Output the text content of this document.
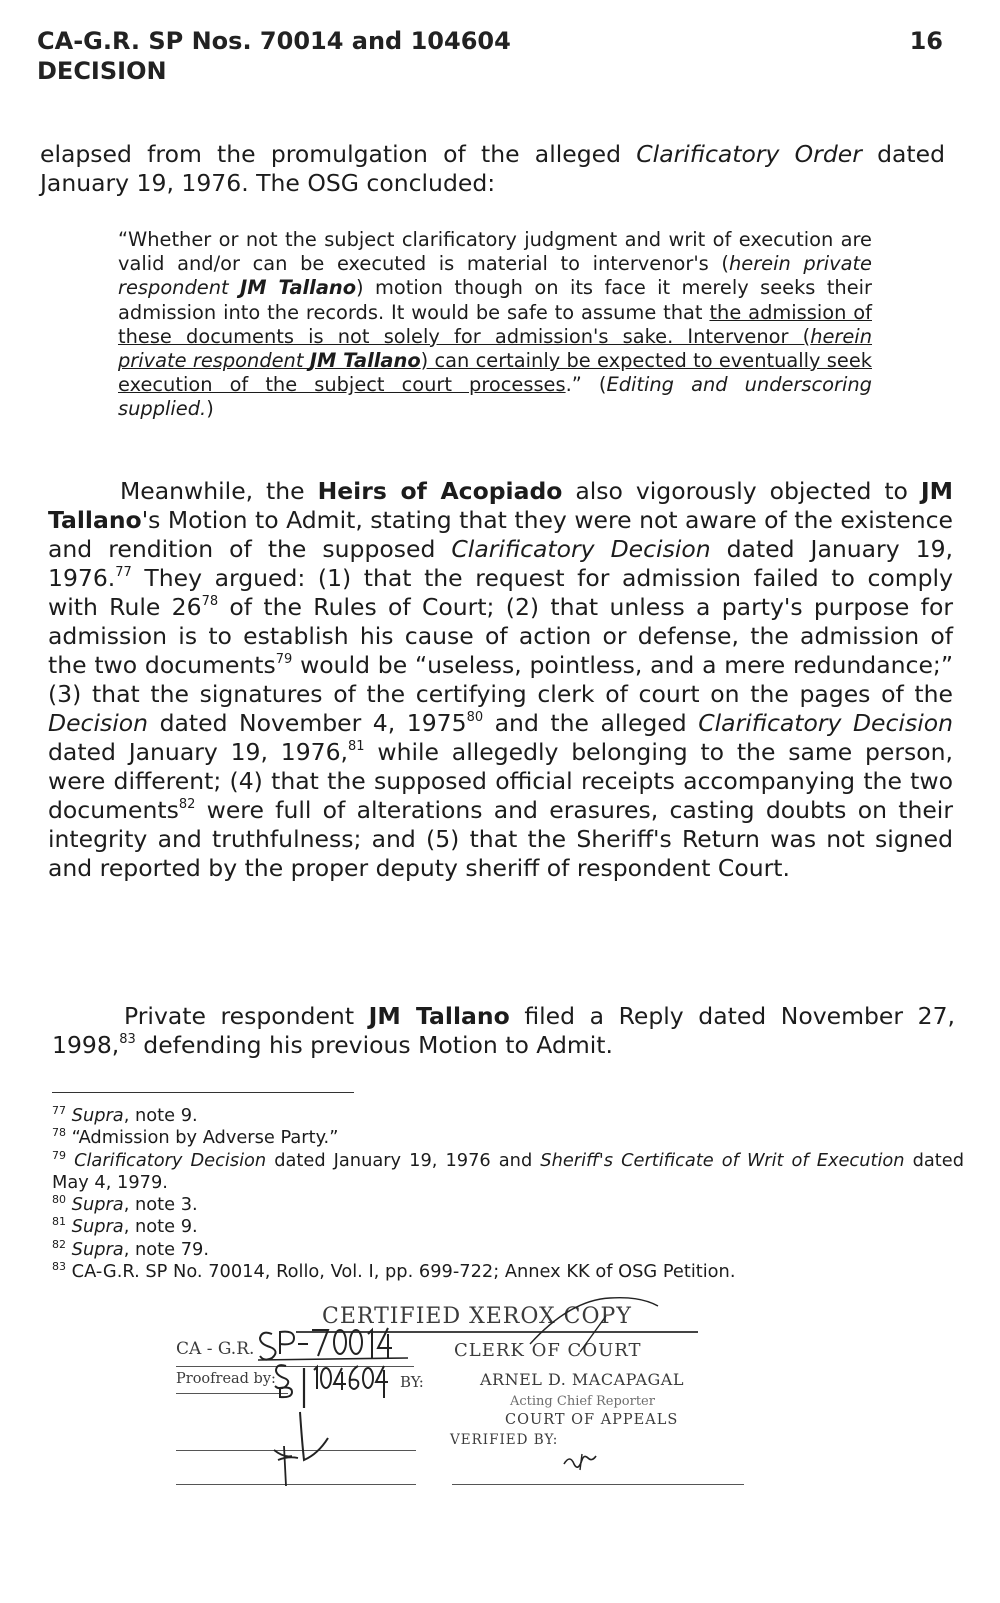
CA-G.R. SP Nos. 70014 and 104604
DECISION
16

elapsed from the promulgation of the alleged Clarificatory Order dated January 19, 1976. The OSG concluded:

“Whether or not the subject clarificatory judgment and writ of execution are valid and/or can be executed is material to intervenor's (herein private respondent JM Tallano) motion though on its face it merely seeks their admission into the records. It would be safe to assume that the admission of these documents is not solely for admission's sake. Intervenor (herein private respondent JM Tallano) can certainly be expected to eventually seek execution of the subject court processes.” (Editing and underscoring supplied.)

Meanwhile, the Heirs of Acopiado also vigorously objected to JM Tallano's Motion to Admit, stating that they were not aware of the existence and rendition of the supposed Clarificatory Decision dated January 19, 1976.77 They argued: (1) that the request for admission failed to comply with Rule $26^{78}$ of the Rules of Court; (2) that unless a party's purpose for admission is to establish his cause of action or defense, the admission of the two documents$^{79}$ would be “useless, pointless, and a mere redundance;” (3) that the signatures of the certifying clerk of court on the pages of the Decision dated November 4, 1975$^{80}$ and the alleged Clarificatory Decision dated January 19, 1976,81 while allegedly belonging to the same person, were different; (4) that the supposed official receipts accompanying the two documents$^{82}$ were full of alterations and erasures, casting doubts on their integrity and truthfulness; and (5) that the Sheriff's Return was not signed and reported by the proper deputy sheriff of respondent Court.

Private respondent JM Tallano filed a Reply dated November 27, 1998,83 defending his previous Motion to Admit.

$^{77}$ Supra, note 9.

$^{78}$ “Admission by Adverse Party.”

$^{79}$ Clarificatory Decision dated January 19, 1976 and Sheriff's Certificate of Writ of Execution dated May 4, 1979.

$^{80}$ Supra, note 3.

$^{81}$ Supra, note 9.

$^{82}$ Supra, note 79.

$^{83}$ CA-G.R. SP No. 70014, Rollo, Vol. I, pp. 699-722; Annex KK of OSG Petition.

CERTIFIED XEROX COPY
CA - G.R.	CLERK OF COURT
Proofread by:	BY:	ARNEL D. MACAPAGAL
Acting Chief Reporter
COURT OF APPEALS
VERIFIED BY:
